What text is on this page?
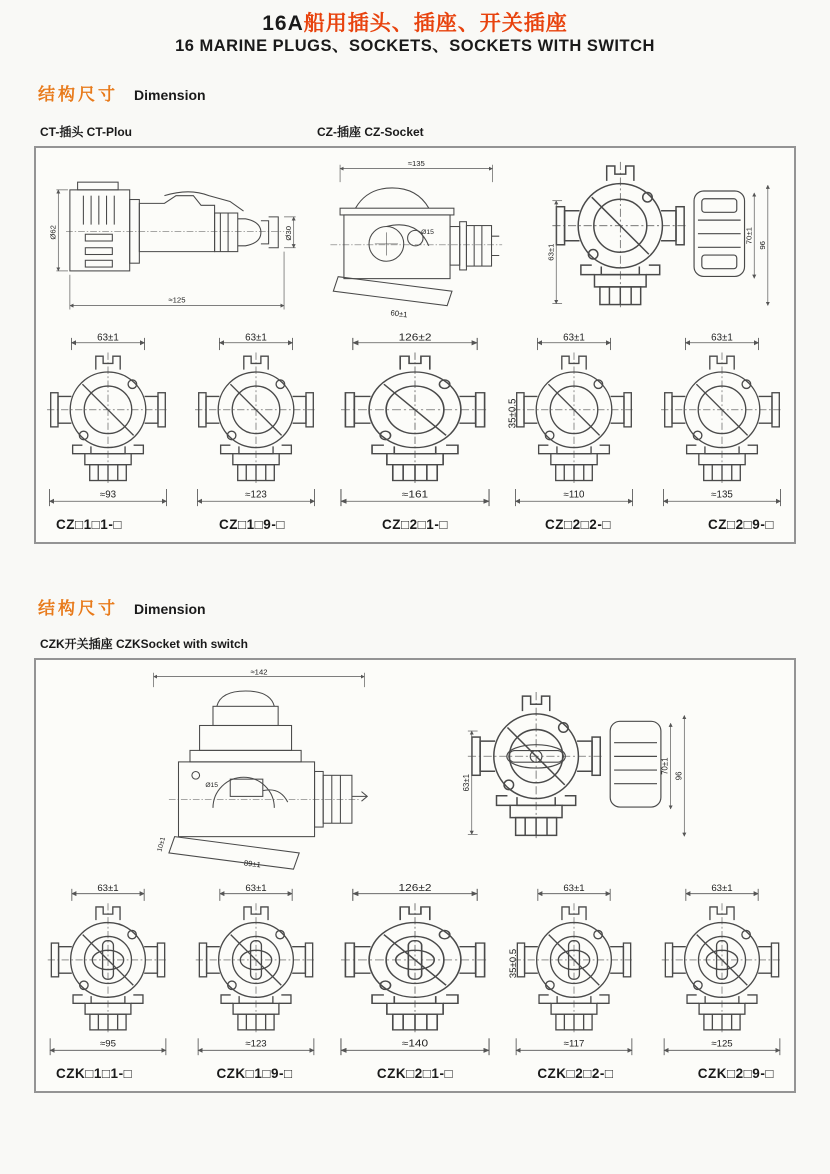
16A船用插头、插座、开关插座
16 MARINE PLUGS、SOCKETS、SOCKETS WITH SWITCH
结构尺寸 Dimension
CT-插头 CT-Plou	CZ-插座 CZ-Socket
Ø62	Ø30
≈125
≈135
Ø15
60±1
63±1
70±1
96
63±1
≈93
63±1
≈123
126±2
≈161
63±1
35±0.5
≈110
63±1
≈135
CZ□1□1-□	CZ□1□9-□	CZ□2□1-□	CZ□2□2-□	CZ□2□9-□
结构尺寸 Dimension
CZK开关插座 CZKSocket with switch
≈142
Ø15
10±1
89±1
63±1
70±1
96
63±1
≈95
63±1
≈123
126±2
≈140
63±1
35±0.5
≈117
63±1
≈125
CZK□1□1-□	CZK□1□9-□	CZK□2□1-□	CZK□2□2-□	CZK□2□9-□
